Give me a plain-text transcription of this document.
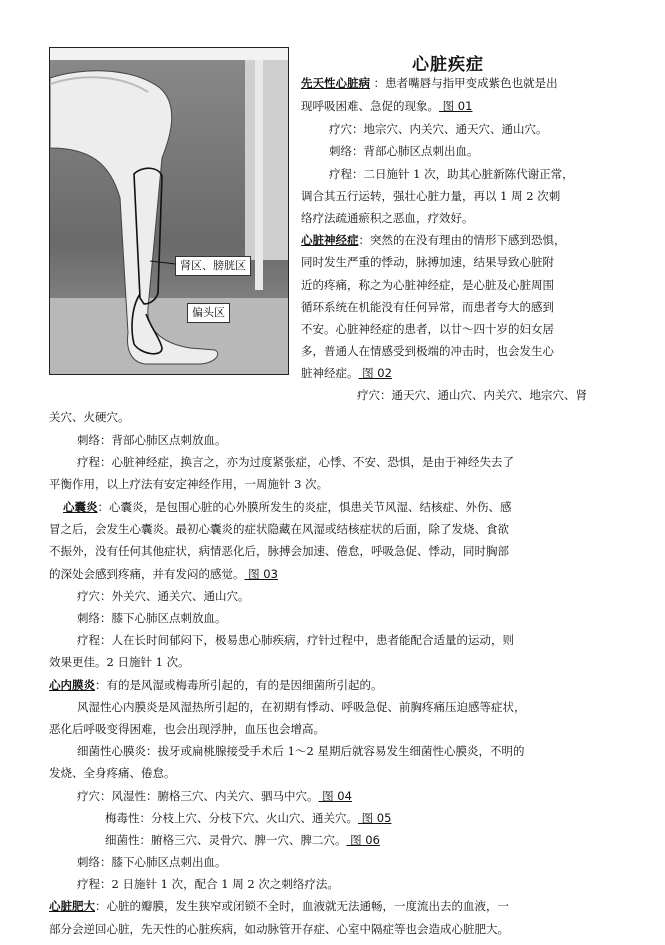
肾区、膀胱区
偏头区
心脏疾症
先天性心脏病 ：患者嘴唇与指甲变成紫色也就是出
现呼吸困难、急促的现象。 图 01
疗穴：地宗穴、内关穴、通天穴、通山穴。
刺络：背部心肺区点刺出血。
疗程：二日施针 1 次，助其心脏新陈代谢正常，
调合其五行运转，强壮心脏力量，再以 1 周 2 次刺
络疗法疏通瘀积之恶血，疗效好。
心脏神经症：突然的在没有理由的情形下感到恐惧，
同时发生严重的悸动，脉搏加速，结果导致心脏附
近的疼痛，称之为心脏神经症，是心脏及心脏周围
循环系统在机能没有任何异常，而患者夸大的感到
不安。心脏神经症的患者，以廿～四十岁的妇女居
多，普通人在情感受到极端的冲击时，也会发生心
脏神经症。 图 02
疗穴：通天穴、通山穴、内关穴、地宗穴、肾
关穴、火硬穴。
刺络：背部心肺区点刺放血。
疗程：心脏神经症，换言之，亦为过度紧张症，心悸、不安、恐惧，是由于神经失去了
平衡作用，以上疗法有安定神经作用，一周施针 3 次。
心囊炎：心囊炎，是包围心脏的心外膜所发生的炎症，惧患关节风湿、结核症、外伤、感
冒之后，会发生心囊炎。最初心囊炎的症状隐藏在风湿或结核症状的后面，除了发烧、食欲
不振外，没有任何其他症状，病情恶化后，脉搏会加速、倦怠，呼吸急促、悸动，同时胸部
的深处会感到疼痛，并有发闷的感觉。 图 03
疗穴：外关穴、通关穴、通山穴。
刺络：膝下心肺区点刺放血。
疗程：人在长时间郁闷下，极易患心肺疾病，疗针过程中，患者能配合适量的运动，则
效果更佳。2 日施针 1 次。
心内膜炎：有的是风湿或梅毒所引起的，有的是因细菌所引起的。
风湿性心内膜炎是风湿热所引起的，在初期有悸动、呼吸急促、前胸疼痛压迫感等症状，
恶化后呼吸变得困难，也会出现浮肿，血压也会增高。
细菌性心膜炎：拔牙或扁桃腺接受手术后 1～2 星期后就容易发生细菌性心膜炎，不明的
发烧、全身疼痛、倦怠。
疗穴：风湿性：腑格三穴、内关穴、驷马中穴。 图 04
梅毒性：分枝上穴、分枝下穴、火山穴、通关穴。 图 05
细菌性：腑格三穴、灵骨穴、脾一穴、脾二穴。 图 06
刺络：膝下心肺区点刺出血。
疗程：2 日施针 1 次，配合 1 周 2 次之刺络疗法。
心脏肥大：心脏的瓣膜，发生狭窄或闭锁不全时，血液就无法通畅，一度流出去的血液，一
部分会逆回心脏，先天性的心脏疾病，如动脉管开存症、心室中隔症等也会造成心脏肥大。
